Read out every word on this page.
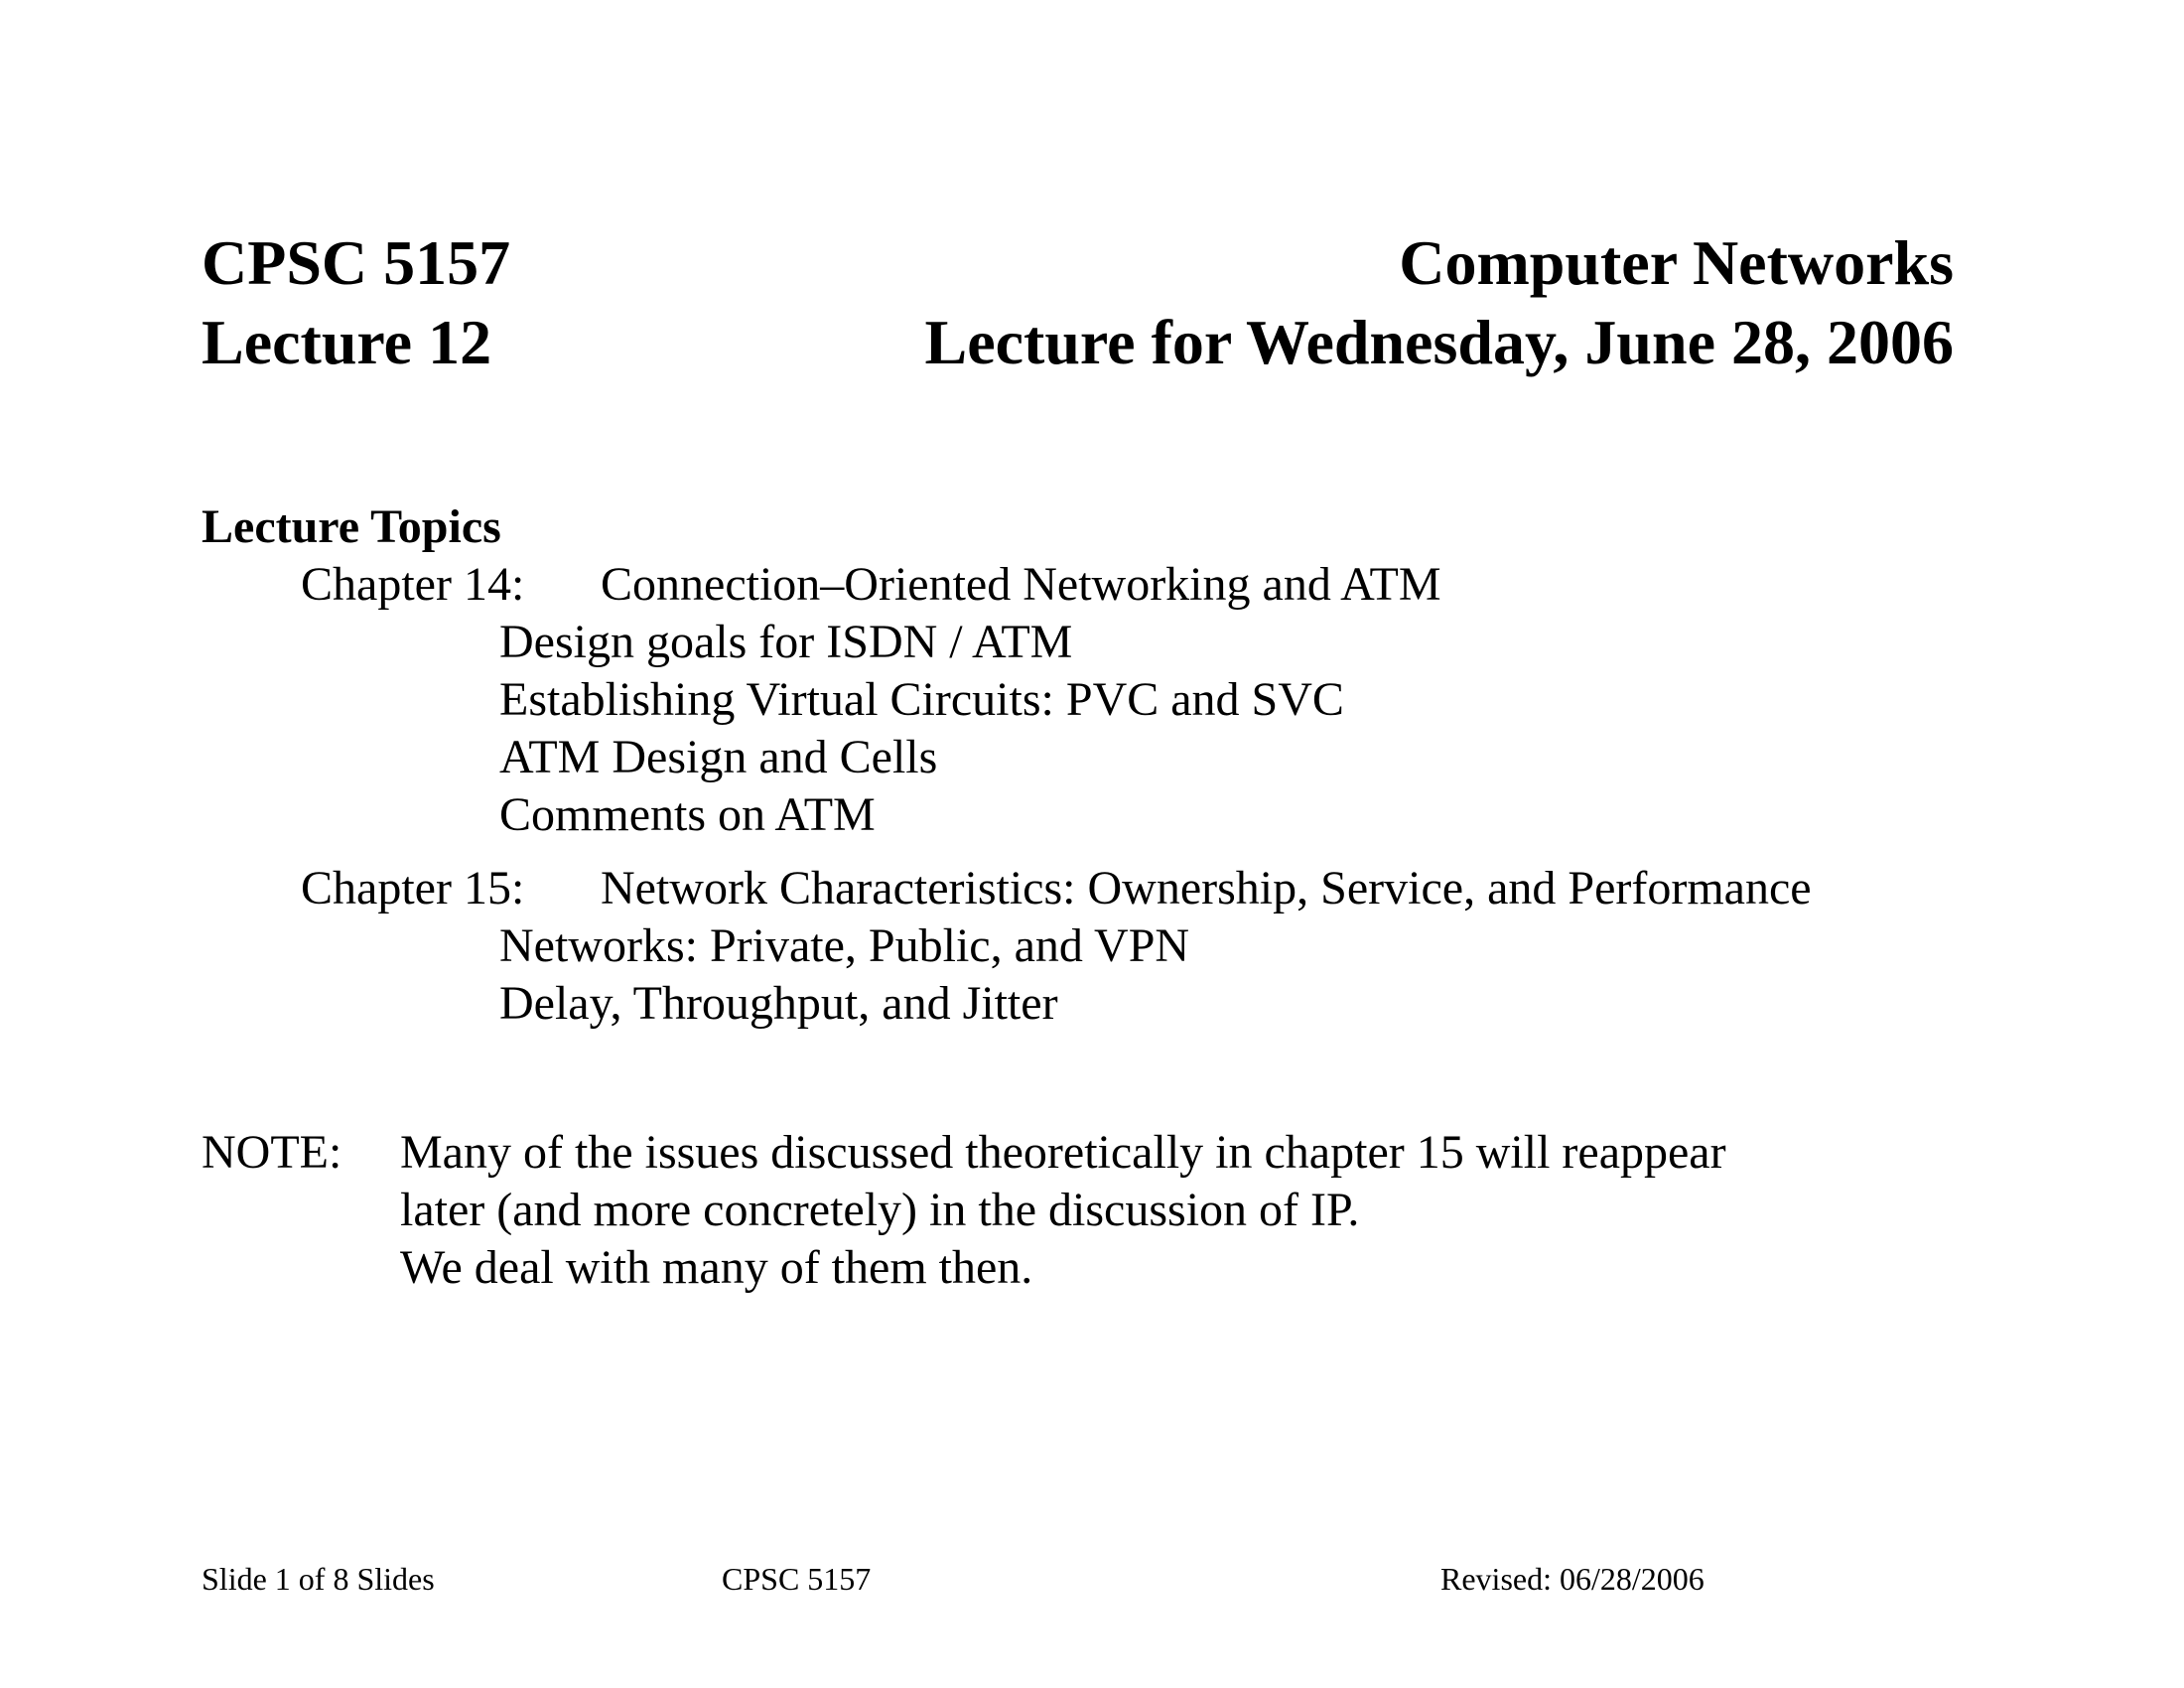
CPSC 5157
Lecture 12
Computer Networks
Lecture for Wednesday, June 28, 2006
Lecture Topics
Chapter 14:	Connection–Oriented Networking and ATM
Design goals for ISDN / ATM
Establishing Virtual Circuits: PVC and SVC
ATM Design and Cells
Comments on ATM
Chapter 15:	Network Characteristics: Ownership, Service, and Performance
Networks: Private, Public, and VPN
Delay, Throughput, and Jitter
NOTE:	Many of the issues discussed theoretically in chapter 15 will reappear
later (and more concretely) in the discussion of IP.
We deal with many of them then.
Slide 1 of 8 Slides	CPSC 5157	Revised: 06/28/2006
